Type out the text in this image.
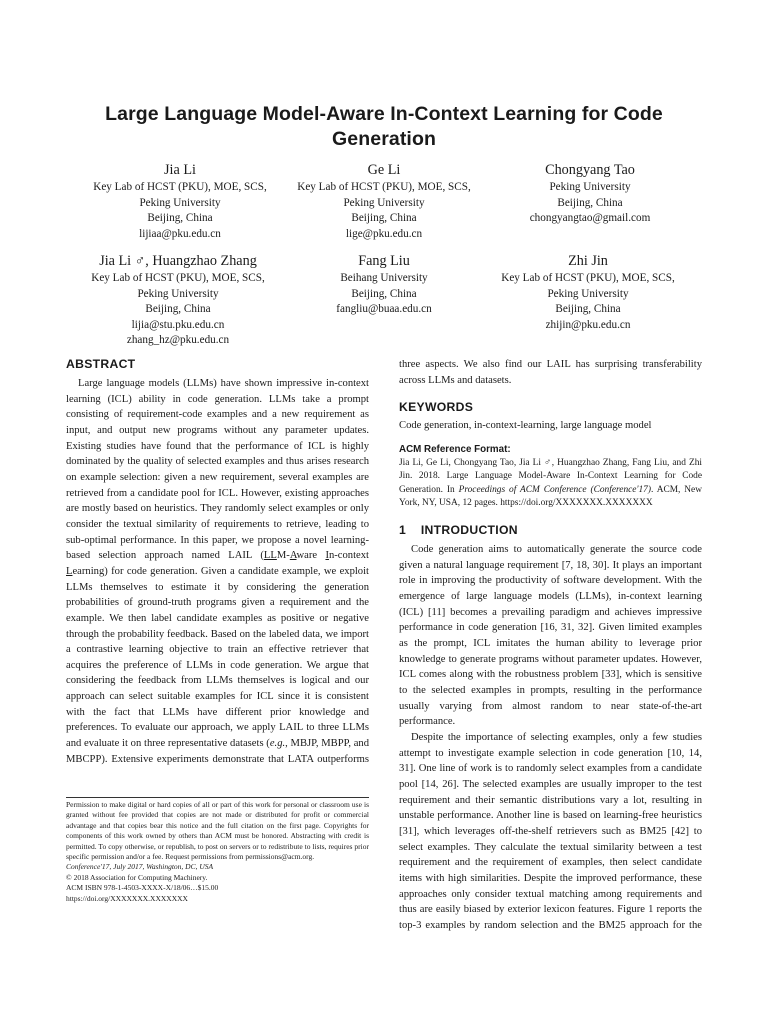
Large Language Model-Aware In-Context Learning for Code Generation
Jia Li
Key Lab of HCST (PKU), MOE, SCS,
Peking University
Beijing, China
lijiaa@pku.edu.cn
Ge Li
Key Lab of HCST (PKU), MOE, SCS,
Peking University
Beijing, China
lige@pku.edu.cn
Chongyang Tao
Peking University
Beijing, China
chongyangtao@gmail.com
Jia Li ♂, Huangzhao Zhang
Key Lab of HCST (PKU), MOE, SCS,
Peking University
Beijing, China
lijia@stu.pku.edu.cn
zhang_hz@pku.edu.cn
Fang Liu
Beihang University
Beijing, China
fangliu@buaa.edu.cn
Zhi Jin
Key Lab of HCST (PKU), MOE, SCS,
Peking University
Beijing, China
zhijin@pku.edu.cn
ABSTRACT

Large language models (LLMs) have shown impressive in-context learning (ICL) ability in code generation. LLMs take a prompt consisting of requirement-code examples and a new requirement as input, and output new programs without any parameter updates. Existing studies have found that the performance of ICL is highly dominated by the quality of selected examples and thus arises research on example selection: given a new requirement, several examples are retrieved from a candidate pool for ICL. However, existing approaches are mostly based on heuristics. They randomly select examples or only consider the textual similarity of requirements to retrieve, leading to sub-optimal performance. In this paper, we propose a novel learning-based selection approach named LAIL (LLM-Aware In-context Learning) for code generation. Given a candidate example, we exploit LLMs themselves to estimate it by considering the generation probabilities of ground-truth programs given a requirement and the example. We then label candidate examples as positive or negative through the probability feedback. Based on the labeled data, we import a contrastive learning objective to train an effective retriever that acquires the preference of LLMs in code generation. We argue that considering the feedback from LLMs themselves is logical and our approach can select suitable examples for ICL since it is consistent with the fact that LLMs have different prior knowledge and preferences. To evaluate our approach, we apply LAIL to three LLMs and evaluate it on three representative datasets (e.g., MBJP, MBPP, and MBCPP). Extensive experiments demonstrate that LATA outperforms

Permission to make digital or hard copies of all or part of this work for personal or classroom use is granted without fee provided that copies are not made or distributed for profit or commercial advantage and that copies bear this notice and the full citation on the first page. Copyrights for components of this work owned by others than ACM must be honored. Abstracting with credit is permitted. To copy otherwise, or republish, to post on servers or to redistribute to lists, requires prior specific permission and/or a fee. Request permissions from permissions@acm.org.

Conference'17, July 2017, Washington, DC, USA

© 2018 Association for Computing Machinery.

ACM ISBN 978-1-4503-XXXX-X/18/06…$15.00

https://doi.org/XXXXXXX.XXXXXXX

three aspects. We also find our LAIL has surprising transferability across LLMs and datasets.

KEYWORDS

Code generation, in-context-learning, large language model

ACM Reference Format:

Jia Li, Ge Li, Chongyang Tao, Jia Li ♂, Huangzhao Zhang, Fang Liu, and Zhi Jin. 2018. Large Language Model-Aware In-Context Learning for Code Generation. In Proceedings of ACM Conference (Conference'17). ACM, New York, NY, USA, 12 pages. https://doi.org/XXXXXXX.XXXXXXX

1    INTRODUCTION

Code generation aims to automatically generate the source code given a natural language requirement [7, 18, 30]. It plays an important role in improving the productivity of software development. With the emergence of large language models (LLMs), in-context learning (ICL) [11] becomes a prevailing paradigm and achieves impressive performance in code generation [16, 31, 32]. Given limited examples as the prompt, ICL imitates the human ability to leverage prior knowledge to generate programs without parameter updates. However, ICL comes along with the robustness problem [33], which is sensitive to the selected examples in prompts, resulting in the performance usually varying from almost random to near state-of-the-art performance.

Despite the importance of selecting examples, only a few studies attempt to investigate example selection in code generation [10, 14, 31]. One line of work is to randomly select examples from a candidate pool [14, 26]. The selected examples are usually improper to the test requirement and their semantic distributions vary a lot, resulting in unstable performance. Another line is based on learning-free heuristics [31], which leverages off-the-shelf retrievers such as BM25 [42] to select examples. They calculate the textual similarity between a test requirement and the requirement of examples, then select candidate items with high similarities. Despite the improved performance, these approaches only consider textual matching among requirements and thus are easily biased by exterior lexicon features. Figure 1 reports the top-3 examples by random selection and the BM25 approach for the
